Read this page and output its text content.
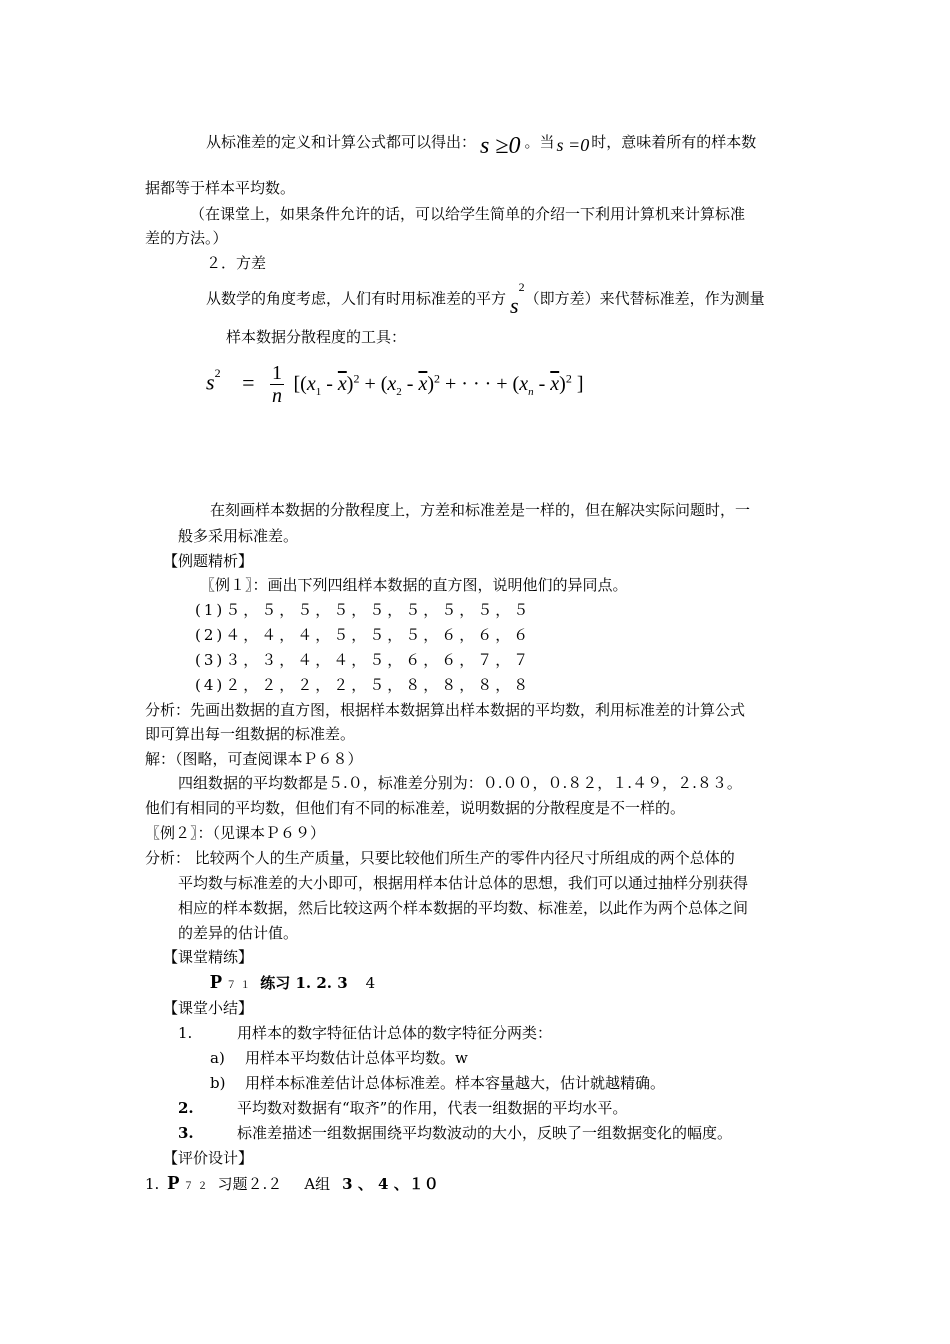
从标准差的定义和计算公式都可以得出： s ≥0 。当 s =0 时，意味着所有的样本数
据都等于样本平均数。
（在课堂上，如果条件允许的话，可以给学生简单的介绍一下利用计算机来计算标准
差的方法。）
２．方差
从数学的角度考虑，人们有时用标准差的平方 $s^2$（即方差）来代替标准差，作为测量
样本数据分散程度的工具：
$s^2 = \frac{1}{n} [(x_1 - \overline{x})^2 + (x_2 - \overline{x})^2$ + · · · + $(x_n - \overline{x})^2$ ]
在刻画样本数据的分散程度上，方差和标准差是一样的，但在解决实际问题时，一
般多采用标准差。
【例题精析】
〖例１〗：画出下列四组样本数据的直方图，说明他们的异同点。
(1)５，５，５，５，５，５，５，５，５
(2)４，４，４，５，５，５，６，６，６
(3)３，３，４，４，５，６，６，７，７
(4)２，２，２，２，５，８，８，８，８
分析：先画出数据的直方图，根据样本数据算出样本数据的平均数，利用标准差的计算公式
即可算出每一组数据的标准差。
解：（图略，可查阅课本Ｐ６８）
四组数据的平均数都是５.０，标准差分别为：０.００，０.８２，１.４９，２.８３。
他们有相同的平均数，但他们有不同的标准差，说明数据的分散程度是不一样的。
〖例２〗：（见课本Ｐ６９）
分析： 比较两个人的生产质量，只要比较他们所生产的零件内径尺寸所组成的两个总体的
平均数与标准差的大小即可，根据用样本估计总体的思想，我们可以通过抽样分别获得
相应的样本数据，然后比较这两个样本数据的平均数、标准差，以此作为两个总体之间
的差异的估计值。
【课堂精练】
P ７１ 练习 1. 2. 3 4
【课堂小结】
1.	用样本的数字特征估计总体的数字特征分两类：
a) 用样本平均数估计总体平均数。w
b) 用样本标准差估计总体标准差。样本容量越大，估计就越精确。
2.	平均数对数据有“取齐”的作用，代表一组数据的平均水平。
3.	标准差描述一组数据围绕平均数波动的大小，反映了一组数据变化的幅度。
【评价设计】
1. P ７２ 习题２.２ A组 3 、 4 、１０
